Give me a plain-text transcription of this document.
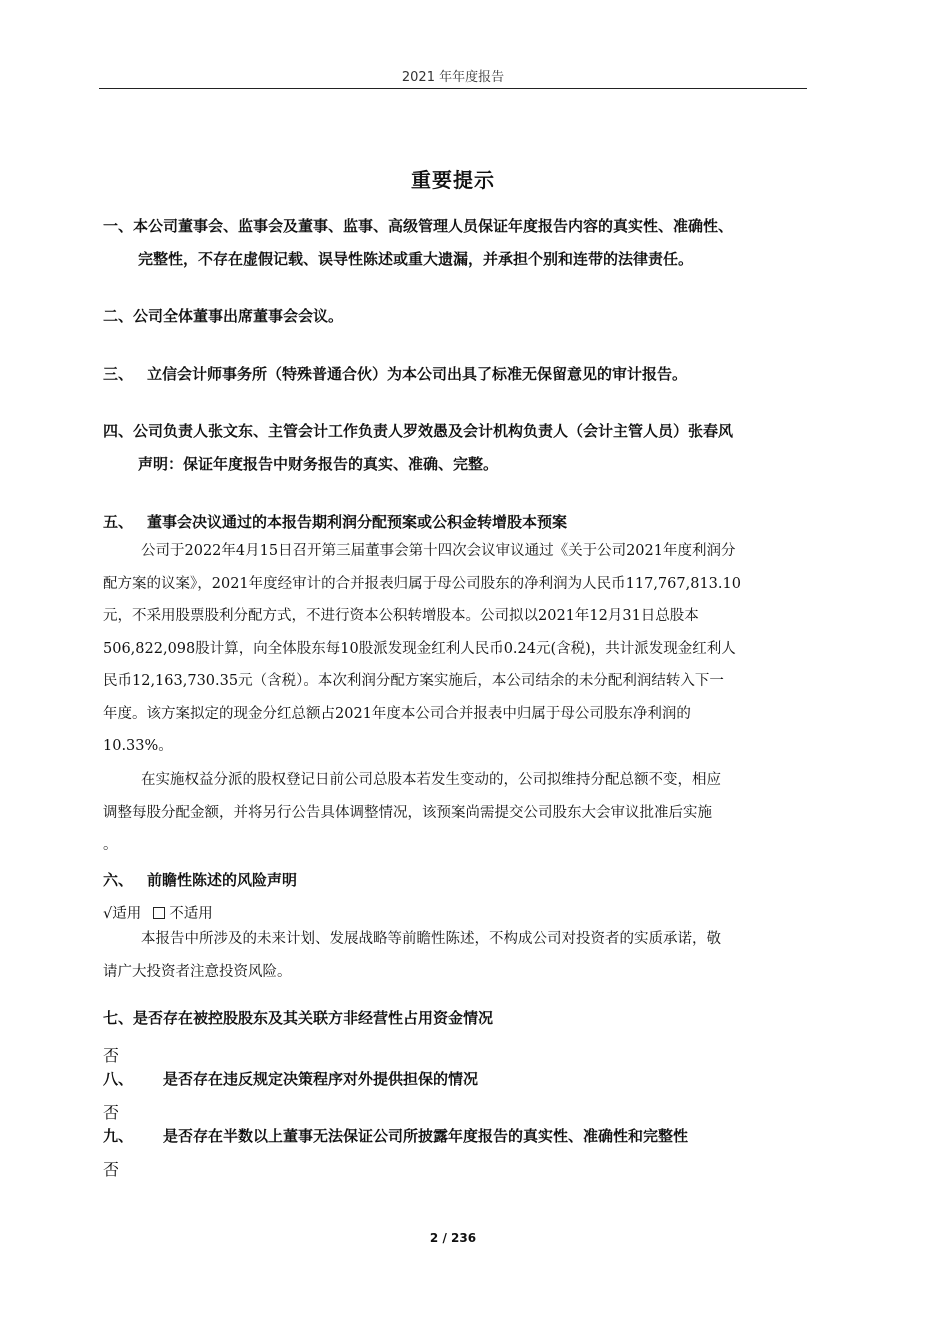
2021 年年度报告
重要提示
一、本公司董事会、监事会及董事、监事、高级管理人员保证年度报告内容的真实性、准确性、
完整性，不存在虚假记载、误导性陈述或重大遗漏，并承担个别和连带的法律责任。
二、公司全体董事出席董事会会议。
三、 立信会计师事务所（特殊普通合伙）为本公司出具了标准无保留意见的审计报告。
四、公司负责人张文东、主管会计工作负责人罗效愚及会计机构负责人（会计主管人员）张春风
声明：保证年度报告中财务报告的真实、准确、完整。
五、 董事会决议通过的本报告期利润分配预案或公积金转增股本预案
公司于2022年4月15日召开第三届董事会第十四次会议审议通过《关于公司2021年度利润分
配方案的议案》，2021年度经审计的合并报表归属于母公司股东的净利润为人民币117,767,813.10
元，不采用股票股利分配方式，不进行资本公积转增股本。公司拟以2021年12月31日总股本
506,822,098股计算，向全体股东每10股派发现金红利人民币0.24元(含税)，共计派发现金红利人
民币12,163,730.35元（含税）。本次利润分配方案实施后，本公司结余的未分配利润结转入下一
年度。该方案拟定的现金分红总额占2021年度本公司合并报表中归属于母公司股东净利润的
10.33%。
在实施权益分派的股权登记日前公司总股本若发生变动的，公司拟维持分配总额不变，相应
调整每股分配金额，并将另行公告具体调整情况，该预案尚需提交公司股东大会审议批准后实施
。
六、 前瞻性陈述的风险声明
√适用 不适用
本报告中所涉及的未来计划、发展战略等前瞻性陈述，不构成公司对投资者的实质承诺，敬
请广大投资者注意投资风险。
七、是否存在被控股股东及其关联方非经营性占用资金情况
否
八、 是否存在违反规定决策程序对外提供担保的情况
否
九、 是否存在半数以上董事无法保证公司所披露年度报告的真实性、准确性和完整性
否
2 / 236
